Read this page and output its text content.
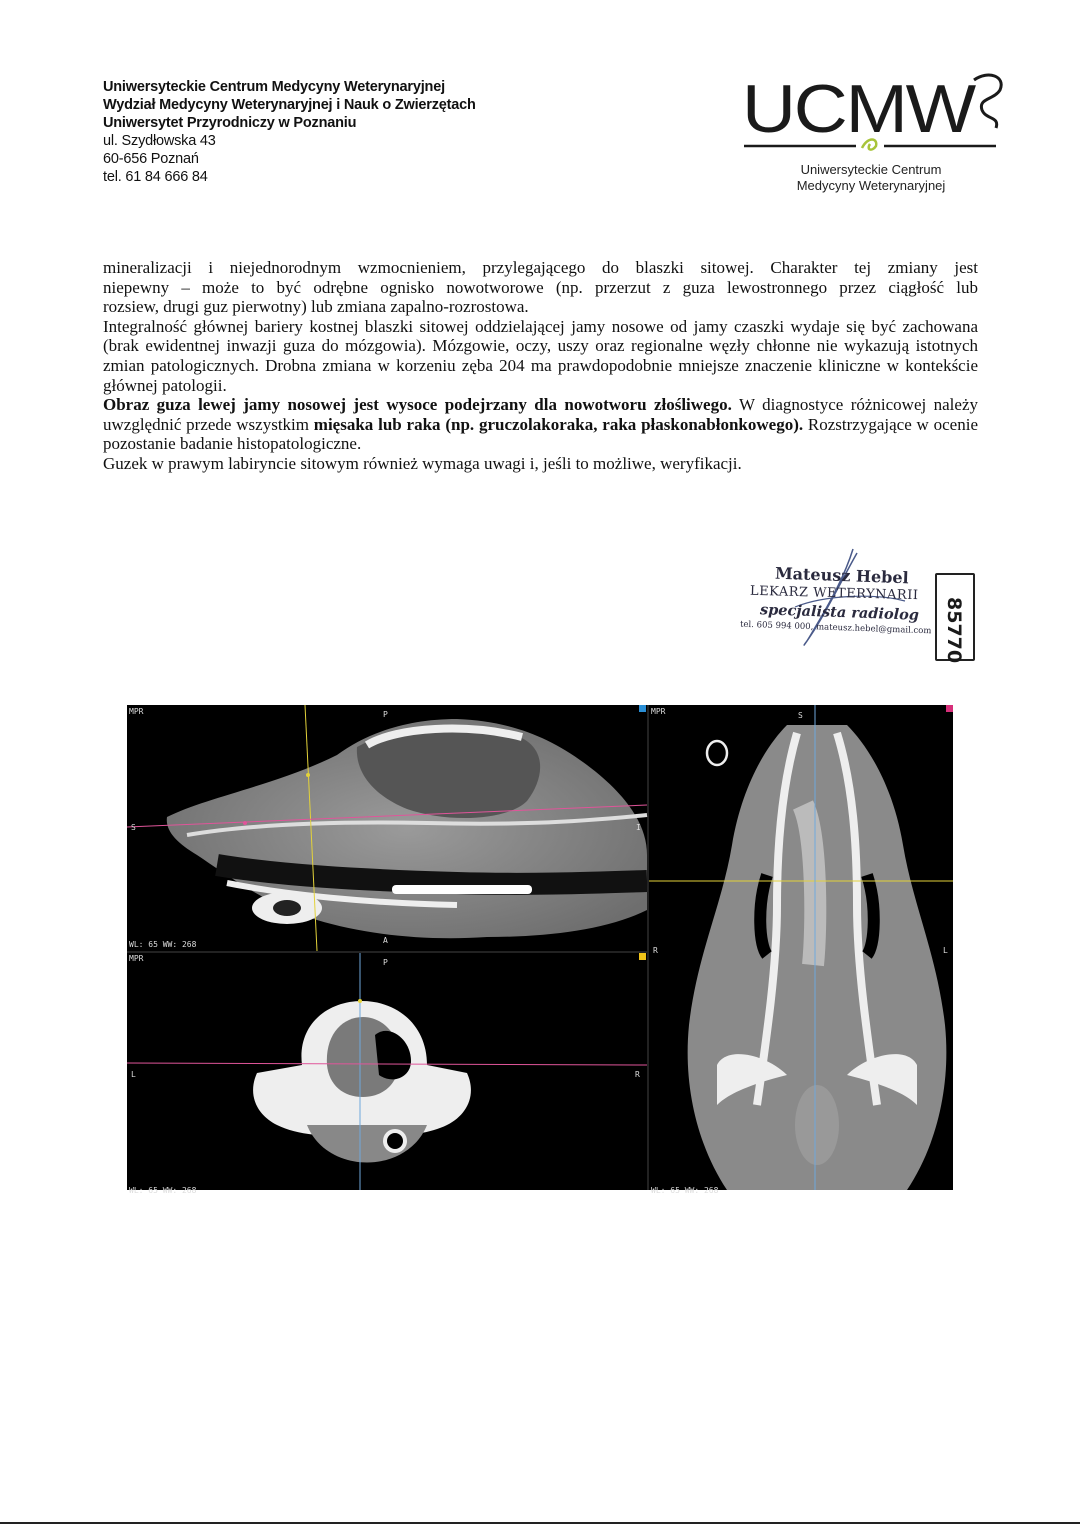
Uniwersyteckie Centrum Medycyny Weterynaryjnej
Wydział Medycyny Weterynaryjnej i Nauk o Zwierzętach
Uniwersytet Przyrodniczy w Poznaniu
ul. Szydłowska 43
60-656 Poznań
tel. 61 84 666 84
UCMW
Uniwersyteckie Centrum
Medycyny Weterynaryjnej

mineralizacji i niejednorodnym wzmocnieniem, przylegającego do blaszki sitowej. Charakter tej zmiany jest

niepewny – może to być odrębne ognisko nowotworowe (np. przerzut z guza lewostronnego przez ciągłość lub

rozsiew, drugi guz pierwotny) lub zmiana zapalno-rozrostowa.

Integralność głównej bariery kostnej blaszki sitowej oddzielającej jamy nosowe od jamy czaszki wydaje się być zachowana (brak ewidentnej inwazji guza do mózgowia). Mózgowie, oczy, uszy oraz regionalne węzły chłonne nie wykazują istotnych zmian patologicznych. Drobna zmiana w korzeniu zęba 204 ma prawdopodobnie mniejsze znaczenie kliniczne w kontekście głównej patologii.

Obraz guza lewej jamy nosowej jest wysoce podejrzany dla nowotworu złośliwego. W diagnostyce różnicowej należy uwzględnić przede wszystkim mięsaka lub raka (np. gruczolakoraka, raka płaskonabłonkowego). Rozstrzygające w ocenie pozostanie badanie histopatologiczne.

Guzek w prawym labiryncie sitowym również wymaga uwagi i, jeśli to możliwe, weryfikacji.

Mateusz Hebel
LEKARZ WETERYNARII
specjalista radiolog
tel. 605 994 000, mateusz.hebel@gmail.com 85770
MPR	P
A
S	I
WL: 65 WW: 268
MPR	P
L	R
WL: 65 WW: 268
MPR	S
R	L
WL: 65 WW: 268
